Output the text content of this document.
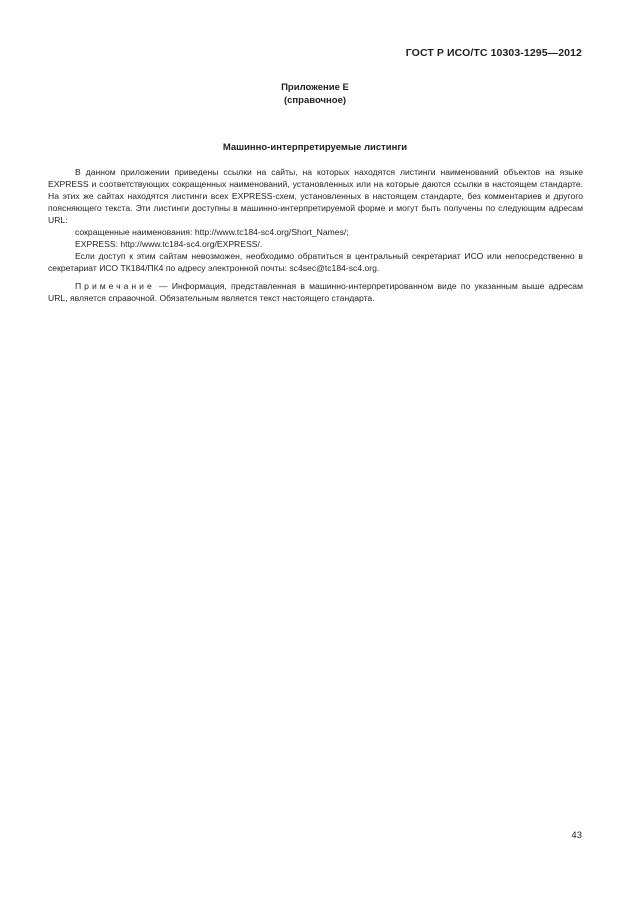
ГОСТ Р ИСО/ТС 10303-1295—2012
Приложение Е
(справочное)
Машинно-интерпретируемые листинги

В данном приложении приведены ссылки на сайты, на которых находятся листинги наименований объектов на языке EXPRESS и соответствующих сокращенных наименований, установленных или на которые даются ссылки в настоящем стандарте. На этих же сайтах находятся листинги всех EXPRESS-схем, установленных в настоящем стандарте, без комментариев и другого поясняющего текста. Эти листинги доступны в машинно-интерпретируемой форме и могут быть получены по следующим адресам URL:

сокращенные наименования: http://www.tc184-sc4.org/Short_Names/;

EXPRESS: http://www.tc184-sc4.org/EXPRESS/.

Если доступ к этим сайтам невозможен, необходимо обратиться в центральный секретариат ИСО или непосредственно в секретариат ИСО ТК184/ПК4 по адресу электронной почты: sc4sec@tc184-sc4.org.

Примечание — Информация, представленная в машинно-интерпретированном виде по указанным выше адресам URL, является справочной. Обязательным является текст настоящего стандарта.

43
